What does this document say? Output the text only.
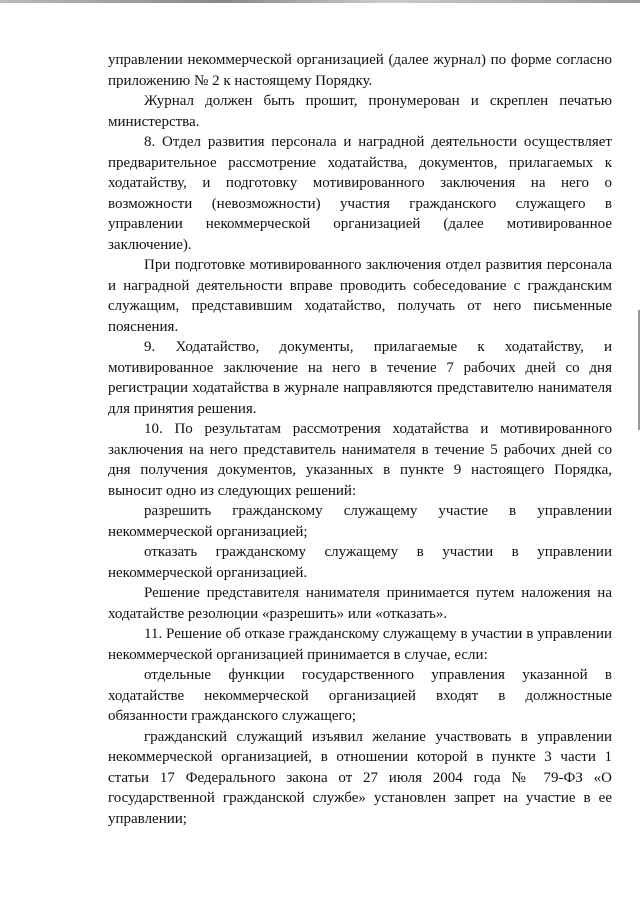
управлении некоммерческой организацией (далее журнал) по форме согласно приложению № 2 к настоящему Порядку.

Журнал должен быть прошит, пронумерован и скреплен печатью министерства.

8. Отдел развития персонала и наградной деятельности осуществляет предварительное рассмотрение ходатайства, документов, прилагаемых к ходатайству, и подготовку мотивированного заключения на него о возможности (невозможности) участия гражданского служащего в управлении некоммерческой организацией (далее мотивированное заключение).

При подготовке мотивированного заключения отдел развития персонала и наградной деятельности вправе проводить собеседование с гражданским служащим, представившим ходатайство, получать от него письменные пояснения.

9. Ходатайство, документы, прилагаемые к ходатайству, и мотивированное заключение на него в течение 7 рабочих дней со дня регистрации ходатайства в журнале направляются представителю нанимателя для принятия решения.

10. По результатам рассмотрения ходатайства и мотивированного заключения на него представитель нанимателя в течение 5 рабочих дней со дня получения документов, указанных в пункте 9 настоящего Порядка, выносит одно из следующих решений:

разрешить гражданскому служащему участие в управлении некоммерческой организацией;

отказать гражданскому служащему в участии в управлении некоммерческой организацией.

Решение представителя нанимателя принимается путем наложения на ходатайстве резолюции «разрешить» или «отказать».

11. Решение об отказе гражданскому служащему в участии в управлении некоммерческой организацией принимается в случае, если:

отдельные функции государственного управления указанной в ходатайстве некоммерческой организацией входят в должностные обязанности гражданского служащего;

гражданский служащий изъявил желание участвовать в управлении некоммерческой организацией, в отношении которой в пункте 3 части 1 статьи 17 Федерального закона от 27 июля 2004 года № 79-ФЗ «О государственной гражданской службе» установлен запрет на участие в ее управлении;
